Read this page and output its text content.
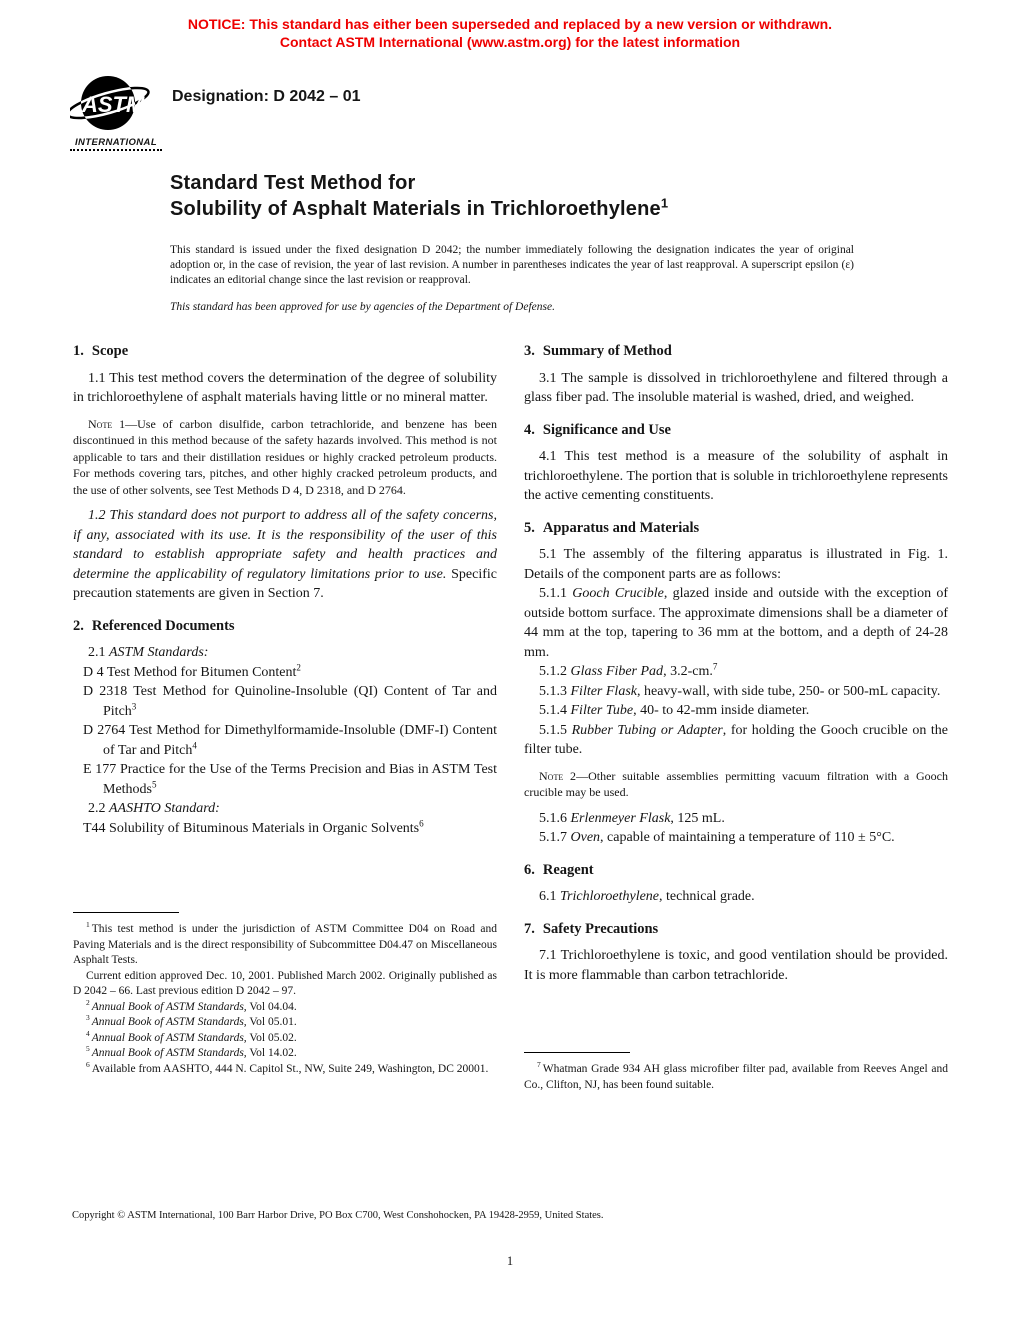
NOTICE: This standard has either been superseded and replaced by a new version or withdrawn.
Contact ASTM International (www.astm.org) for the latest information
ASTM
INTERNATIONAL
Designation: D 2042 – 01
Standard Test Method for
Solubility of Asphalt Materials in Trichloroethylene$^1$
This standard is issued under the fixed designation D 2042; the number immediately following the designation indicates the year of original adoption or, in the case of revision, the year of last revision. A number in parentheses indicates the year of last reapproval. A superscript epsilon (ε) indicates an editorial change since the last revision or reapproval.
This standard has been approved for use by agencies of the Department of Defense.
1. Scope

1.1 This test method covers the determination of the degree of solubility in trichloroethylene of asphalt materials having little or no mineral matter.

Note 1—Use of carbon disulfide, carbon tetrachloride, and benzene has been discontinued in this method because of the safety hazards involved. This method is not applicable to tars and their distillation residues or highly cracked petroleum products. For methods covering tars, pitches, and other highly cracked petroleum products, and the use of other solvents, see Test Methods D 4, D 2318, and D 2764.

1.2 This standard does not purport to address all of the safety concerns, if any, associated with its use. It is the responsibility of the user of this standard to establish appropriate safety and health practices and determine the applicability of regulatory limitations prior to use. Specific precaution statements are given in Section 7.

2. Referenced Documents

2.1 ASTM Standards:

D 4 Test Method for Bitumen Content$^2$

D 2318 Test Method for Quinoline-Insoluble (QI) Content of Tar and Pitch$^3$

D 2764 Test Method for Dimethylformamide-Insoluble (DMF-I) Content of Tar and Pitch$^4$

E 177 Practice for the Use of the Terms Precision and Bias in ASTM Test Methods$^5$

2.2 AASHTO Standard:

T44 Solubility of Bituminous Materials in Organic Solvents$^6$

$^1$ This test method is under the jurisdiction of ASTM Committee D04 on Road and Paving Materials and is the direct responsibility of Subcommittee D04.47 on Miscellaneous Asphalt Tests.

Current edition approved Dec. 10, 2001. Published March 2002. Originally published as D 2042 – 66. Last previous edition D 2042 – 97.

$^2$ Annual Book of ASTM Standards, Vol 04.04.

$^3$ Annual Book of ASTM Standards, Vol 05.01.

$^4$ Annual Book of ASTM Standards, Vol 05.02.

$^5$ Annual Book of ASTM Standards, Vol 14.02.

$^6$ Available from AASHTO, 444 N. Capitol St., NW, Suite 249, Washington, DC 20001.

3. Summary of Method

3.1 The sample is dissolved in trichloroethylene and filtered through a glass fiber pad. The insoluble material is washed, dried, and weighed.

4. Significance and Use

4.1 This test method is a measure of the solubility of asphalt in trichloroethylene. The portion that is soluble in trichloroethylene represents the active cementing constituents.

5. Apparatus and Materials

5.1 The assembly of the filtering apparatus is illustrated in Fig. 1. Details of the component parts are as follows:

5.1.1 Gooch Crucible, glazed inside and outside with the exception of outside bottom surface. The approximate dimensions shall be a diameter of 44 mm at the top, tapering to 36 mm at the bottom, and a depth of 24-28 mm.

5.1.2 Glass Fiber Pad, 3.2-cm.$^7$

5.1.3 Filter Flask, heavy-wall, with side tube, 250- or 500-mL capacity.

5.1.4 Filter Tube, 40- to 42-mm inside diameter.

5.1.5 Rubber Tubing or Adapter, for holding the Gooch crucible on the filter tube.

Note 2—Other suitable assemblies permitting vacuum filtration with a Gooch crucible may be used.

5.1.6 Erlenmeyer Flask, 125 mL.

5.1.7 Oven, capable of maintaining a temperature of 110 ± 5°C.

6. Reagent

6.1 Trichloroethylene, technical grade.

7. Safety Precautions

7.1 Trichloroethylene is toxic, and good ventilation should be provided. It is more flammable than carbon tetrachloride.

$^7$ Whatman Grade 934 AH glass microfiber filter pad, available from Reeves Angel and Co., Clifton, NJ, has been found suitable.

Copyright © ASTM International, 100 Barr Harbor Drive, PO Box C700, West Conshohocken, PA 19428-2959, United States.
1
